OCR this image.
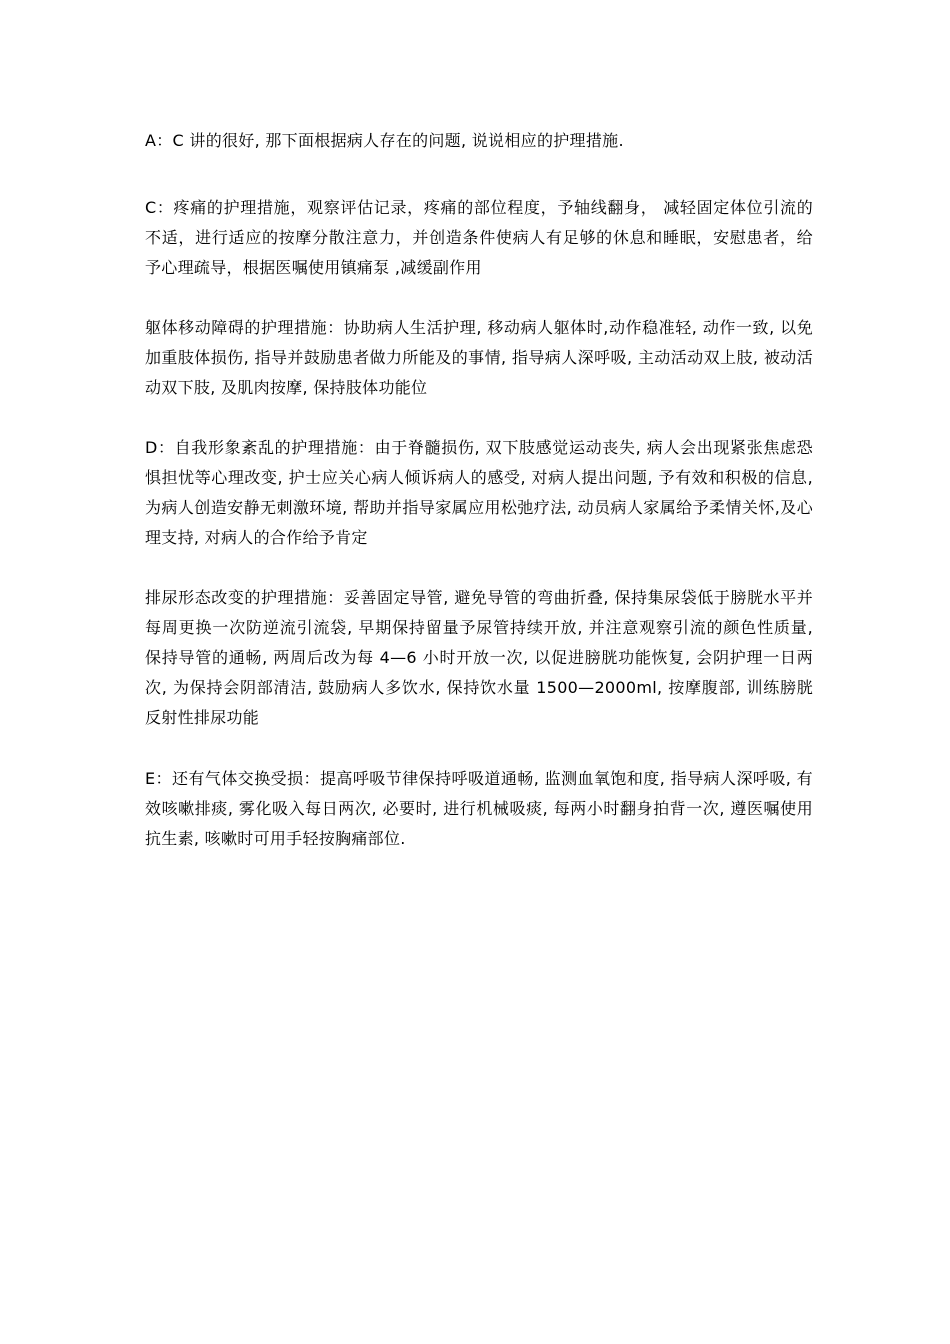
A：C 讲的很好, 那下面根据病人存在的问题, 说说相应的护理措施.

C：疼痛的护理措施，观察评估记录，疼痛的部位程度，予轴线翻身， 减轻固定体位引流的不适，进行适应的按摩分散注意力，并创造条件使病人有足够的休息和睡眠，安慰患者，给予心理疏导，根据医嘱使用镇痛泵 ,减缓副作用

躯体移动障碍的护理措施：协助病人生活护理, 移动病人躯体时,动作稳准轻, 动作一致, 以免加重肢体损伤, 指导并鼓励患者做力所能及的事情, 指导病人深呼吸, 主动活动双上肢, 被动活动双下肢, 及肌肉按摩, 保持肢体功能位

D：自我形象紊乱的护理措施：由于脊髓损伤, 双下肢感觉运动丧失, 病人会出现紧张焦虑恐惧担忧等心理改变, 护士应关心病人倾诉病人的感受, 对病人提出问题, 予有效和积极的信息, 为病人创造安静无刺激环境, 帮助并指导家属应用松弛疗法, 动员病人家属给予柔情关怀,及心理支持, 对病人的合作给予肯定

排尿形态改变的护理措施：妥善固定导管, 避免导管的弯曲折叠, 保持集尿袋低于膀胱水平并每周更换一次防逆流引流袋, 早期保持留量予尿管持续开放, 并注意观察引流的颜色性质量, 保持导管的通畅, 两周后改为每 4—6 小时开放一次, 以促进膀胱功能恢复, 会阴护理一日两次, 为保持会阴部清洁, 鼓励病人多饮水, 保持饮水量 1500—2000ml, 按摩腹部, 训练膀胱反射性排尿功能

E：还有气体交换受损：提高呼吸节律保持呼吸道通畅, 监测血氧饱和度, 指导病人深呼吸, 有效咳嗽排痰, 雾化吸入每日两次, 必要时, 进行机械吸痰, 每两小时翻身拍背一次, 遵医嘱使用抗生素, 咳嗽时可用手轻按胸痛部位.
